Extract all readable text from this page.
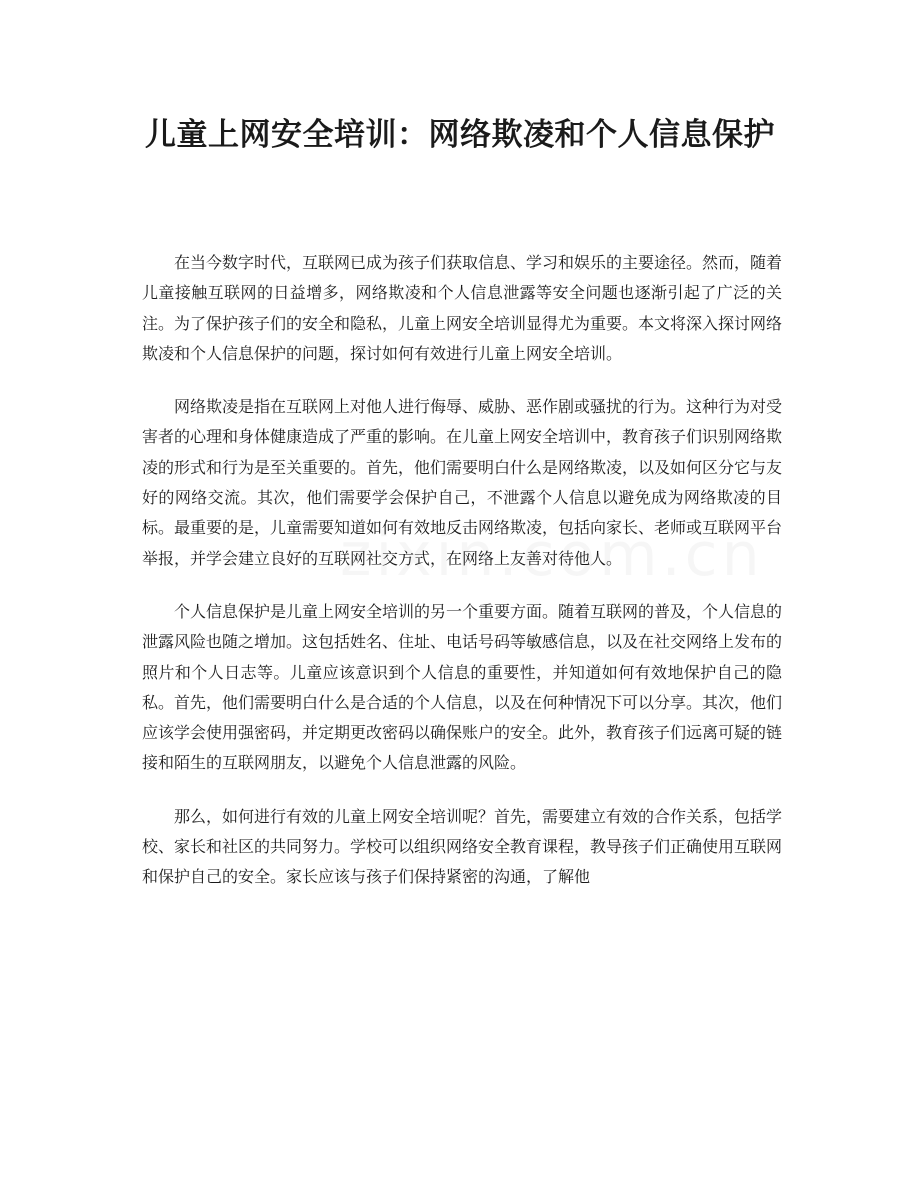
儿童上网安全培训：网络欺凌和个人信息保护

在当今数字时代，互联网已成为孩子们获取信息、学习和娱乐的主要途径。然而，随着儿童接触互联网的日益增多，网络欺凌和个人信息泄露等安全问题也逐渐引起了广泛的关注。为了保护孩子们的安全和隐私，儿童上网安全培训显得尤为重要。本文将深入探讨网络欺凌和个人信息保护的问题，探讨如何有效进行儿童上网安全培训。

网络欺凌是指在互联网上对他人进行侮辱、威胁、恶作剧或骚扰的行为。这种行为对受害者的心理和身体健康造成了严重的影响。在儿童上网安全培训中，教育孩子们识别网络欺凌的形式和行为是至关重要的。首先，他们需要明白什么是网络欺凌，以及如何区分它与友好的网络交流。其次，他们需要学会保护自己，不泄露个人信息以避免成为网络欺凌的目标。最重要的是，儿童需要知道如何有效地反击网络欺凌，包括向家长、老师或互联网平台举报，并学会建立良好的互联网社交方式，在网络上友善对待他人。

个人信息保护是儿童上网安全培训的另一个重要方面。随着互联网的普及，个人信息的泄露风险也随之增加。这包括姓名、住址、电话号码等敏感信息，以及在社交网络上发布的照片和个人日志等。儿童应该意识到个人信息的重要性，并知道如何有效地保护自己的隐私。首先，他们需要明白什么是合适的个人信息，以及在何种情况下可以分享。其次，他们应该学会使用强密码，并定期更改密码以确保账户的安全。此外，教育孩子们远离可疑的链接和陌生的互联网朋友，以避免个人信息泄露的风险。

那么，如何进行有效的儿童上网安全培训呢？首先，需要建立有效的合作关系，包括学校、家长和社区的共同努力。学校可以组织网络安全教育课程，教导孩子们正确使用互联网和保护自己的安全。家长应该与孩子们保持紧密的沟通，了解他
